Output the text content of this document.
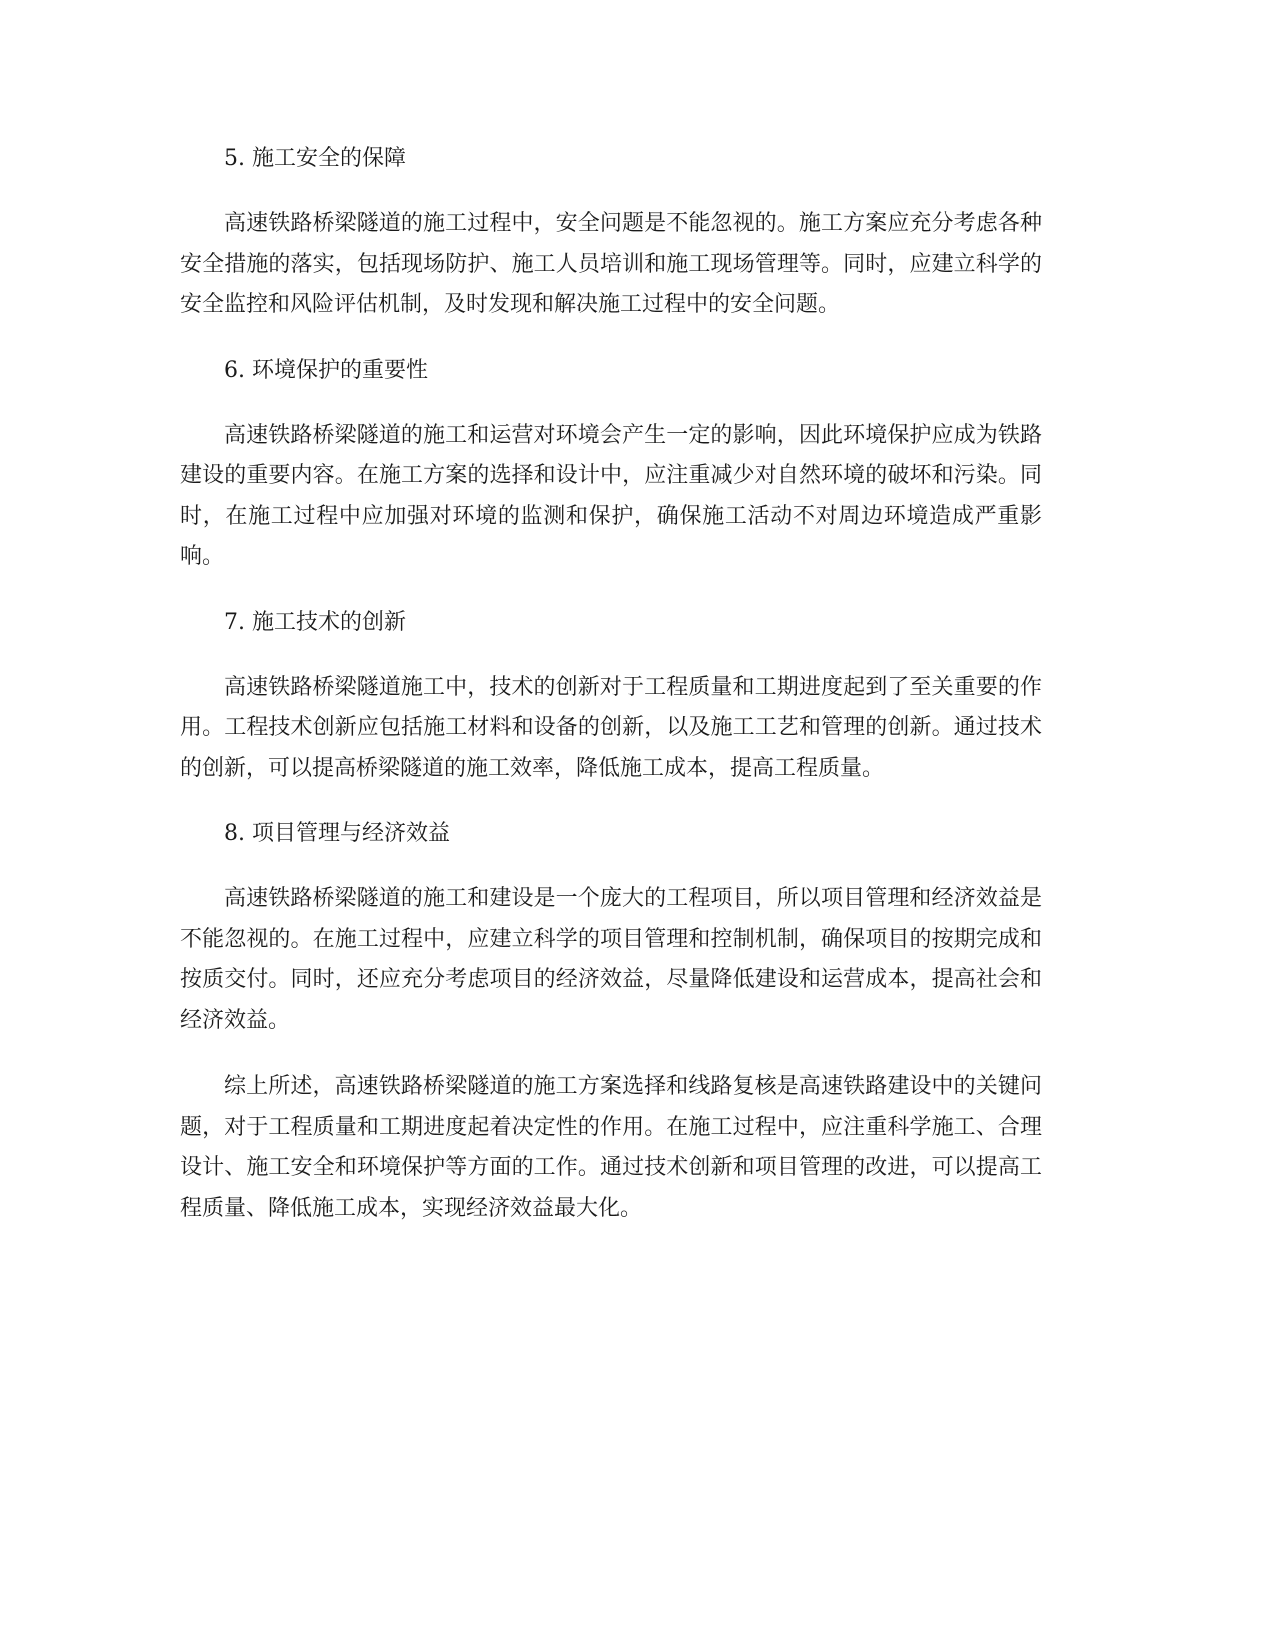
5. 施工安全的保障

高速铁路桥梁隧道的施工过程中，安全问题是不能忽视的。施工方案应充分考虑各种安全措施的落实，包括现场防护、施工人员培训和施工现场管理等。同时，应建立科学的安全监控和风险评估机制，及时发现和解决施工过程中的安全问题。

6. 环境保护的重要性

高速铁路桥梁隧道的施工和运营对环境会产生一定的影响，因此环境保护应成为铁路建设的重要内容。在施工方案的选择和设计中，应注重减少对自然环境的破坏和污染。同时，在施工过程中应加强对环境的监测和保护，确保施工活动不对周边环境造成严重影响。

7. 施工技术的创新

高速铁路桥梁隧道施工中，技术的创新对于工程质量和工期进度起到了至关重要的作用。工程技术创新应包括施工材料和设备的创新，以及施工工艺和管理的创新。通过技术的创新，可以提高桥梁隧道的施工效率，降低施工成本，提高工程质量。

8. 项目管理与经济效益

高速铁路桥梁隧道的施工和建设是一个庞大的工程项目，所以项目管理和经济效益是不能忽视的。在施工过程中，应建立科学的项目管理和控制机制，确保项目的按期完成和按质交付。同时，还应充分考虑项目的经济效益，尽量降低建设和运营成本，提高社会和经济效益。

综上所述，高速铁路桥梁隧道的施工方案选择和线路复核是高速铁路建设中的关键问题，对于工程质量和工期进度起着决定性的作用。在施工过程中，应注重科学施工、合理设计、施工安全和环境保护等方面的工作。通过技术创新和项目管理的改进，可以提高工程质量、降低施工成本，实现经济效益最大化。
